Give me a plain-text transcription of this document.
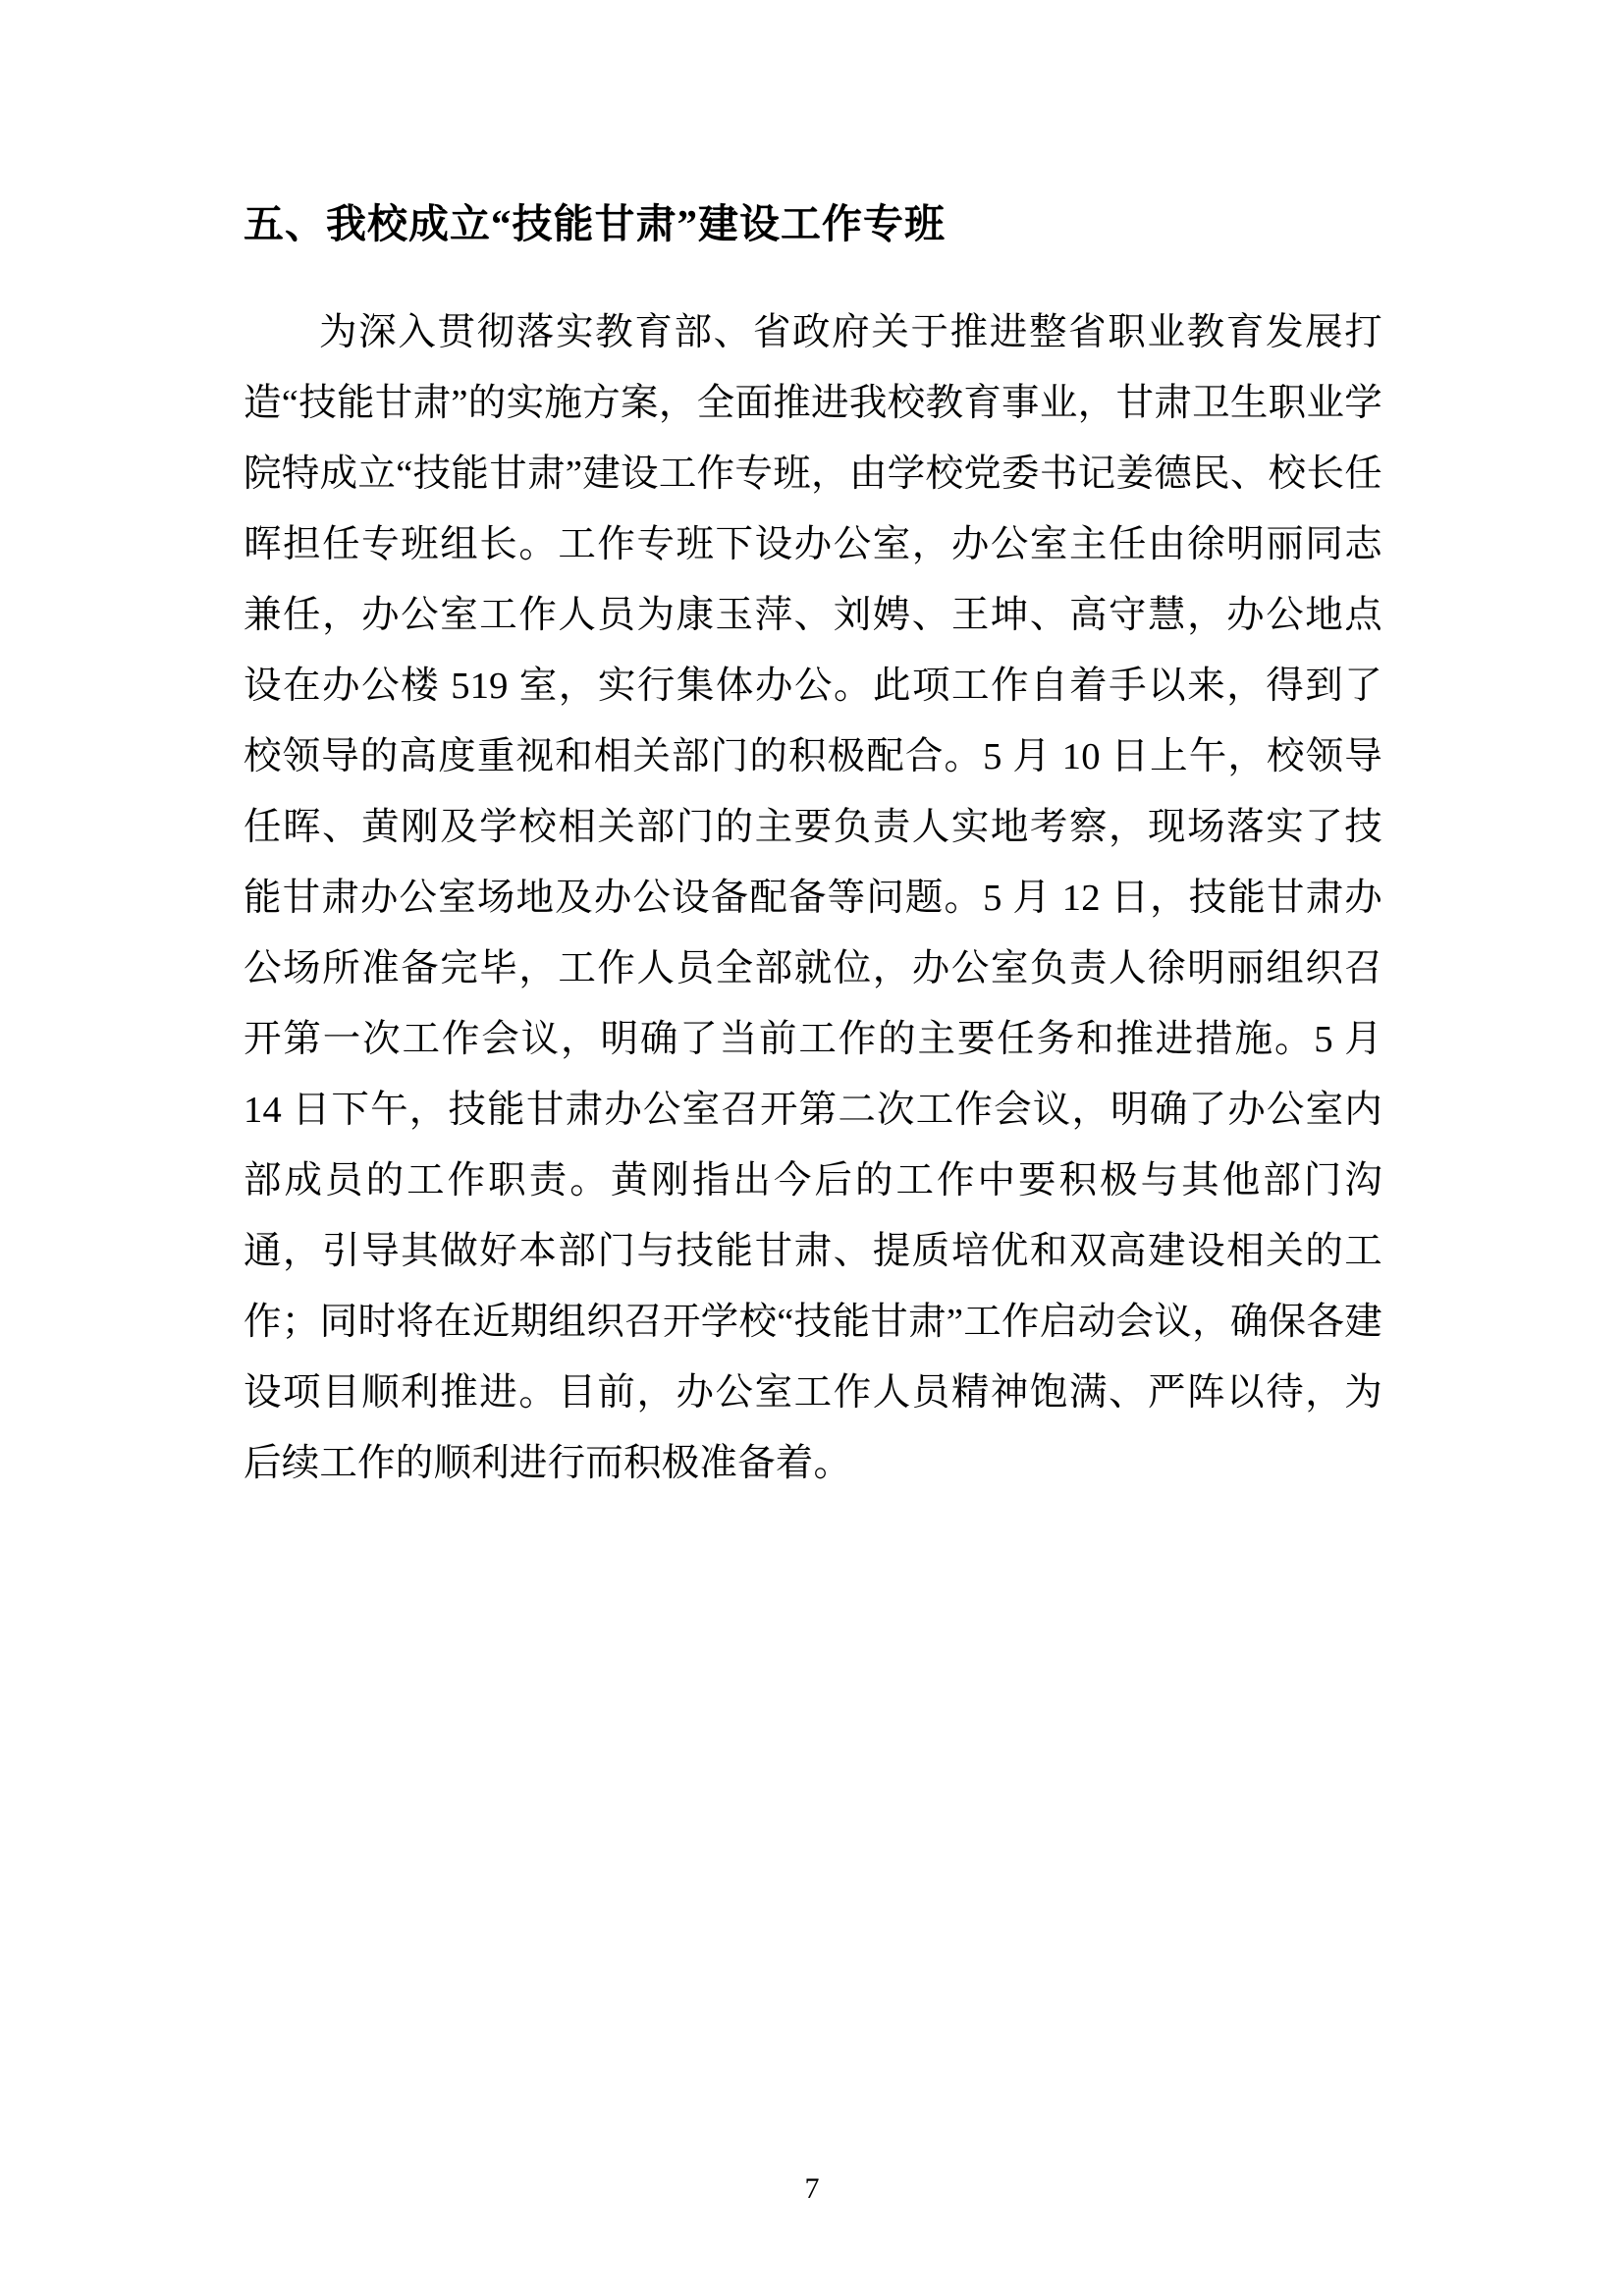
五、我校成立“技能甘肃”建设工作专班

为深入贯彻落实教育部、省政府关于推进整省职业教育发展打造“技能甘肃”的实施方案，全面推进我校教育事业，甘肃卫生职业学院特成立“技能甘肃”建设工作专班，由学校党委书记姜德民、校长任晖担任专班组长。工作专班下设办公室，办公室主任由徐明丽同志兼任，办公室工作人员为康玉萍、刘娉、王坤、高守慧，办公地点设在办公楼 519 室，实行集体办公。此项工作自着手以来，得到了校领导的高度重视和相关部门的积极配合。5 月 10 日上午，校领导任晖、黄刚及学校相关部门的主要负责人实地考察，现场落实了技能甘肃办公室场地及办公设备配备等问题。5 月 12 日，技能甘肃办公场所准备完毕，工作人员全部就位，办公室负责人徐明丽组织召开第一次工作会议，明确了当前工作的主要任务和推进措施。5 月 14 日下午，技能甘肃办公室召开第二次工作会议，明确了办公室内部成员的工作职责。黄刚指出今后的工作中要积极与其他部门沟通，引导其做好本部门与技能甘肃、提质培优和双高建设相关的工作；同时将在近期组织召开学校“技能甘肃”工作启动会议，确保各建设项目顺利推进。目前，办公室工作人员精神饱满、严阵以待，为后续工作的顺利进行而积极准备着。

7
